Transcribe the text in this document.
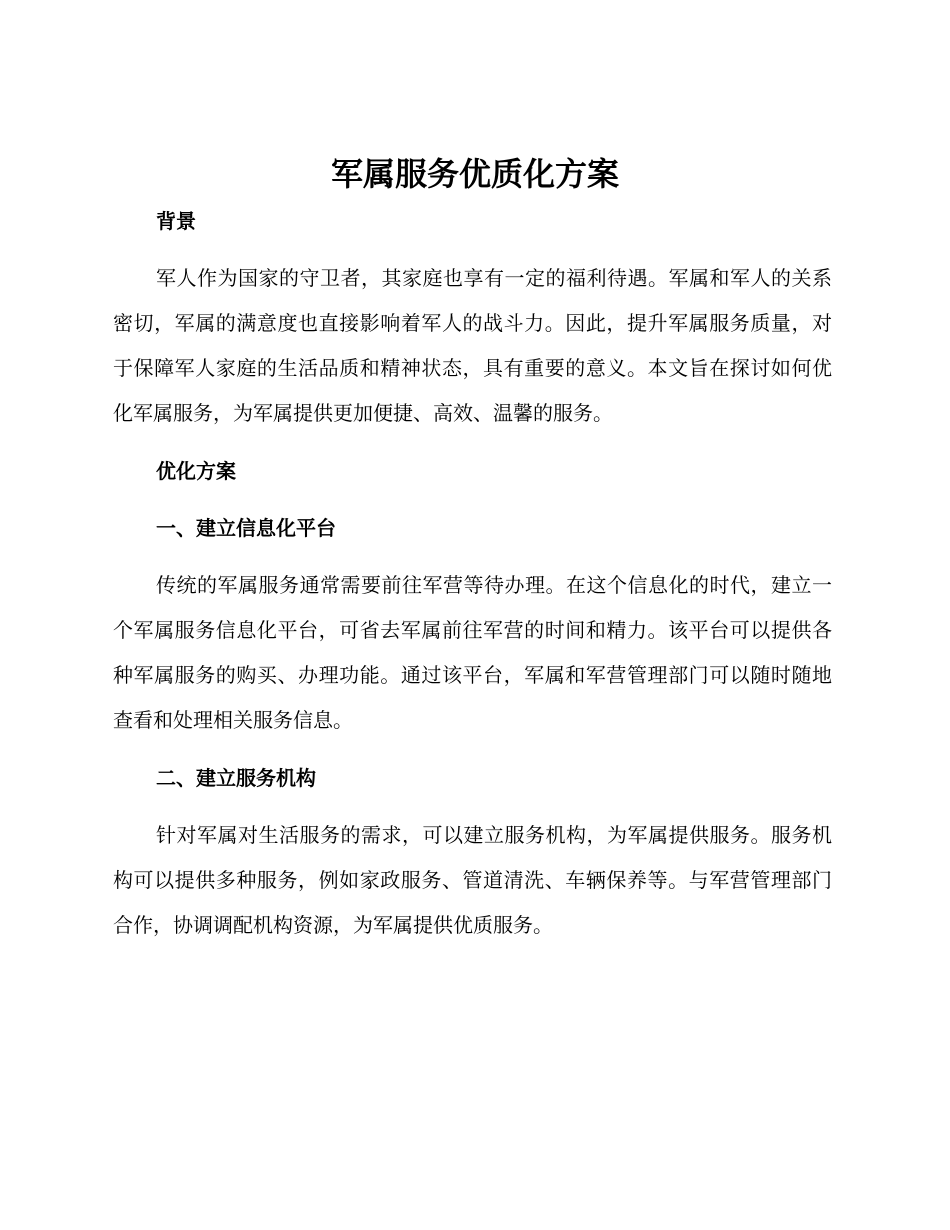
军属服务优质化方案
背景

军人作为国家的守卫者，其家庭也享有一定的福利待遇。军属和军人的关系密切，军属的满意度也直接影响着军人的战斗力。因此，提升军属服务质量，对于保障军人家庭的生活品质和精神状态，具有重要的意义。本文旨在探讨如何优化军属服务，为军属提供更加便捷、高效、温馨的服务。

优化方案
一、建立信息化平台

传统的军属服务通常需要前往军营等待办理。在这个信息化的时代，建立一个军属服务信息化平台，可省去军属前往军营的时间和精力。该平台可以提供各种军属服务的购买、办理功能。通过该平台，军属和军营管理部门可以随时随地查看和处理相关服务信息。

二、建立服务机构

针对军属对生活服务的需求，可以建立服务机构，为军属提供服务。服务机构可以提供多种服务，例如家政服务、管道清洗、车辆保养等。与军营管理部门合作，协调调配机构资源，为军属提供优质服务。
